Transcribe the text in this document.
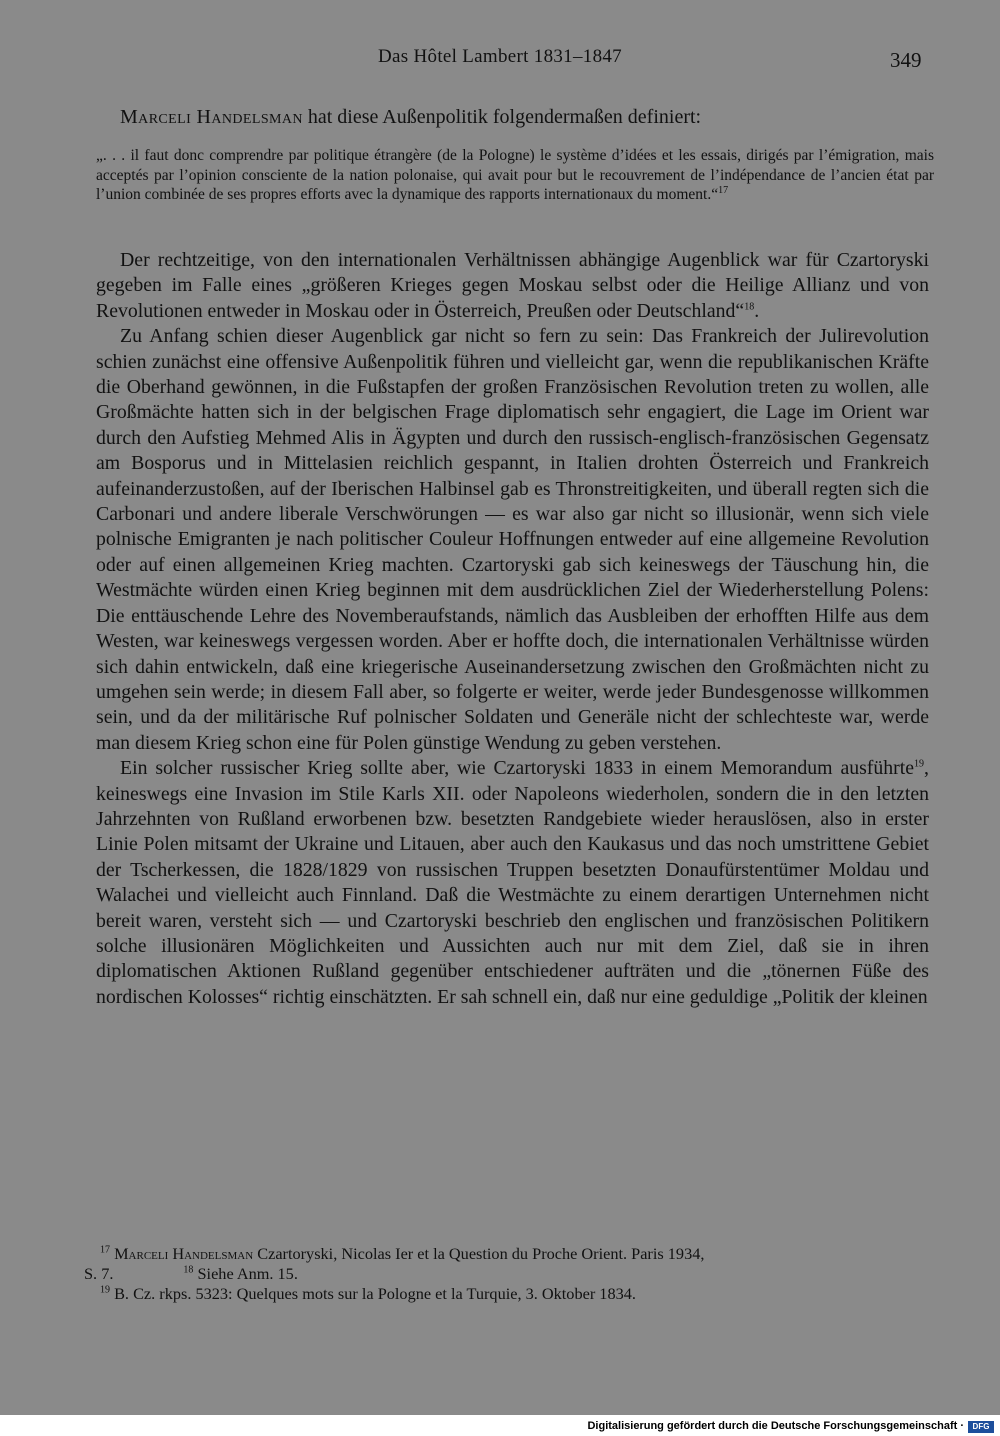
Das Hôtel Lambert 1831–1847	349
Marceli Handelsman hat diese Außenpolitik folgendermaßen definiert:
„. . . il faut donc comprendre par politique étrangère (de la Pologne) le système d’idées et les essais, dirigés par l’émigration, mais acceptés par l’opinion consciente de la nation polonaise, qui avait pour but le recouvrement de l’indépendance de l’ancien état par l’union combinée de ses propres efforts avec la dynamique des rapports internationaux du moment.“$^{17}$

Der rechtzeitige, von den internationalen Verhältnissen abhängige Augenblick war für Czartoryski gegeben im Falle eines „größeren Krieges gegen Moskau selbst oder die Heilige Allianz und von Revolutionen entweder in Moskau oder in Österreich, Preußen oder Deutschland“$^{18}$.

Zu Anfang schien dieser Augenblick gar nicht so fern zu sein: Das Frankreich der Julirevolution schien zunächst eine offensive Außenpolitik führen und vielleicht gar, wenn die republikanischen Kräfte die Oberhand gewönnen, in die Fußstapfen der großen Französischen Revolution treten zu wollen, alle Großmächte hatten sich in der belgischen Frage diplomatisch sehr engagiert, die Lage im Orient war durch den Aufstieg Mehmed Alis in Ägypten und durch den russisch-englisch-französischen Gegensatz am Bosporus und in Mittelasien reichlich gespannt, in Italien drohten Österreich und Frankreich aufeinanderzustoßen, auf der Iberischen Halbinsel gab es Thronstreitigkeiten, und überall regten sich die Carbonari und andere liberale Verschwörungen — es war also gar nicht so illusionär, wenn sich viele polnische Emigranten je nach politischer Couleur Hoffnungen entweder auf eine allgemeine Revolution oder auf einen allgemeinen Krieg machten. Czartoryski gab sich keineswegs der Täuschung hin, die Westmächte würden einen Krieg beginnen mit dem ausdrücklichen Ziel der Wiederherstellung Polens: Die enttäuschende Lehre des Novemberaufstands, nämlich das Ausbleiben der erhofften Hilfe aus dem Westen, war keineswegs vergessen worden. Aber er hoffte doch, die internationalen Verhältnisse würden sich dahin entwickeln, daß eine kriegerische Auseinandersetzung zwischen den Großmächten nicht zu umgehen sein werde; in diesem Fall aber, so folgerte er weiter, werde jeder Bundesgenosse willkommen sein, und da der militärische Ruf polnischer Soldaten und Generäle nicht der schlechteste war, werde man diesem Krieg schon eine für Polen günstige Wendung zu geben verstehen.

Ein solcher russischer Krieg sollte aber, wie Czartoryski 1833 in einem Memorandum ausführte$^{19}$, keineswegs eine Invasion im Stile Karls XII. oder Napoleons wiederholen, sondern die in den letzten Jahrzehnten von Rußland erworbenen bzw. besetzten Randgebiete wieder herauslösen, also in erster Linie Polen mitsamt der Ukraine und Litauen, aber auch den Kaukasus und das noch umstrittene Gebiet der Tscherkessen, die 1828/1829 von russischen Truppen besetzten Donaufürstentümer Moldau und Walachei und vielleicht auch Finnland. Daß die Westmächte zu einem derartigen Unternehmen nicht bereit waren, versteht sich — und Czartoryski beschrieb den englischen und französischen Politikern solche illusionären Möglichkeiten und Aussichten auch nur mit dem Ziel, daß sie in ihren diplomatischen Aktionen Rußland gegenüber entschiedener aufträten und die „tönernen Füße des nordischen Kolosses“ richtig einschätzten. Er sah schnell ein, daß nur eine geduldige „Politik der kleinen

$^{17}$ Marceli Handelsman Czartoryski, Nicolas Ier et la Question du Proche Orient. Paris 1934,
S. 7.	$^{18}$ Siehe Anm. 15.
$^{19}$ B. Cz. rkps. 5323: Quelques mots sur la Pologne et la Turquie, 3. Oktober 1834.
Digitalisierung gefördert durch die Deutsche Forschungsgemeinschaft ·	DFG
